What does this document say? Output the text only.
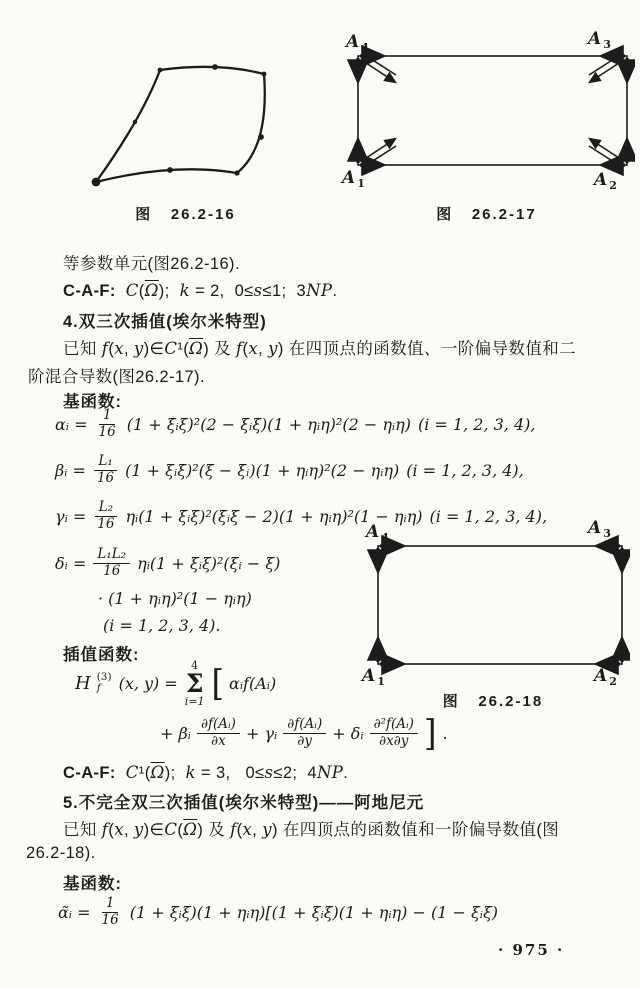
图 26.2-16
A $_4$	A $_3$
A $_1$	A $_2$
图 26.2-17
等参数单元(图26.2-16).
C-A-F: $C(\overline{\Omega})$;  k = 2,  0≤s≤1;  3NP.
4.双三次插值(埃尔米特型)
已知 f(x, $y)\in C^1(\overline{\Omega})$ 及 f(x, y) 在四顶点的函数值、一阶偏导数值和二
阶混合导数(图26.2-17).
基函数:
αᵢ = $\frac{1}{16} (1$ + ξᵢξ)²(2 − ξᵢξ)(1 + ηᵢη)²(2 − ηᵢη) (i = 1, 2, 3, 4),
βᵢ = $\frac{\text{L₁}}{16} (1$ + ξᵢξ)²(ξ − ξᵢ)(1 + ηᵢη)²(2 − ηᵢη) (i = 1, 2, 3, 4),
γᵢ = $\frac{\text{L₂}}{16}$ ηᵢ(1 + ξᵢξ)²(ξᵢξ − 2)(1 + ηᵢη)²(1 − ηᵢη) (i = 1, 2, 3, 4),
δᵢ = $\frac{\text{L₁L₂}}{16}$ ηᵢ(1 + ξᵢξ)²(ξᵢ − ξ)
· (1 + ηᵢη)²(1 − ηᵢη)
(i = 1, 2, 3, 4).
插值函数:
H (3)
f (x, y) =
4
Σ
i=1 [ αᵢf(Aᵢ)
+ βᵢ $\frac{\text{∂f(Aᵢ)}}{\partial x}$ + γᵢ $\frac{\text{∂f(Aᵢ)}}{\partial y}$ + δᵢ $\frac{\text{∂²f(Aᵢ)}}{\partial x\partial y}$ ] .
A $_4$	A $_3$
A $_1$	A $_2$
图 26.2-18
C-A-F: $C^1(\overline{\Omega})$;  k = 3,   0≤s≤2;  4NP.
5.不完全双三次插值(埃尔米特型)——阿地尼元
已知 f(x, $y)\in C(\overline{\Omega})$ 及 f(x, y) 在四顶点的函数值和一阶偏导数值(图
26.2-18).
基函数:
α̃ᵢ = $\frac{1}{16} (1$ + ξᵢξ)(1 + ηᵢη)[(1 + ξᵢξ)(1 + ηᵢη) − (1 − ξᵢξ)
· 975 ·
